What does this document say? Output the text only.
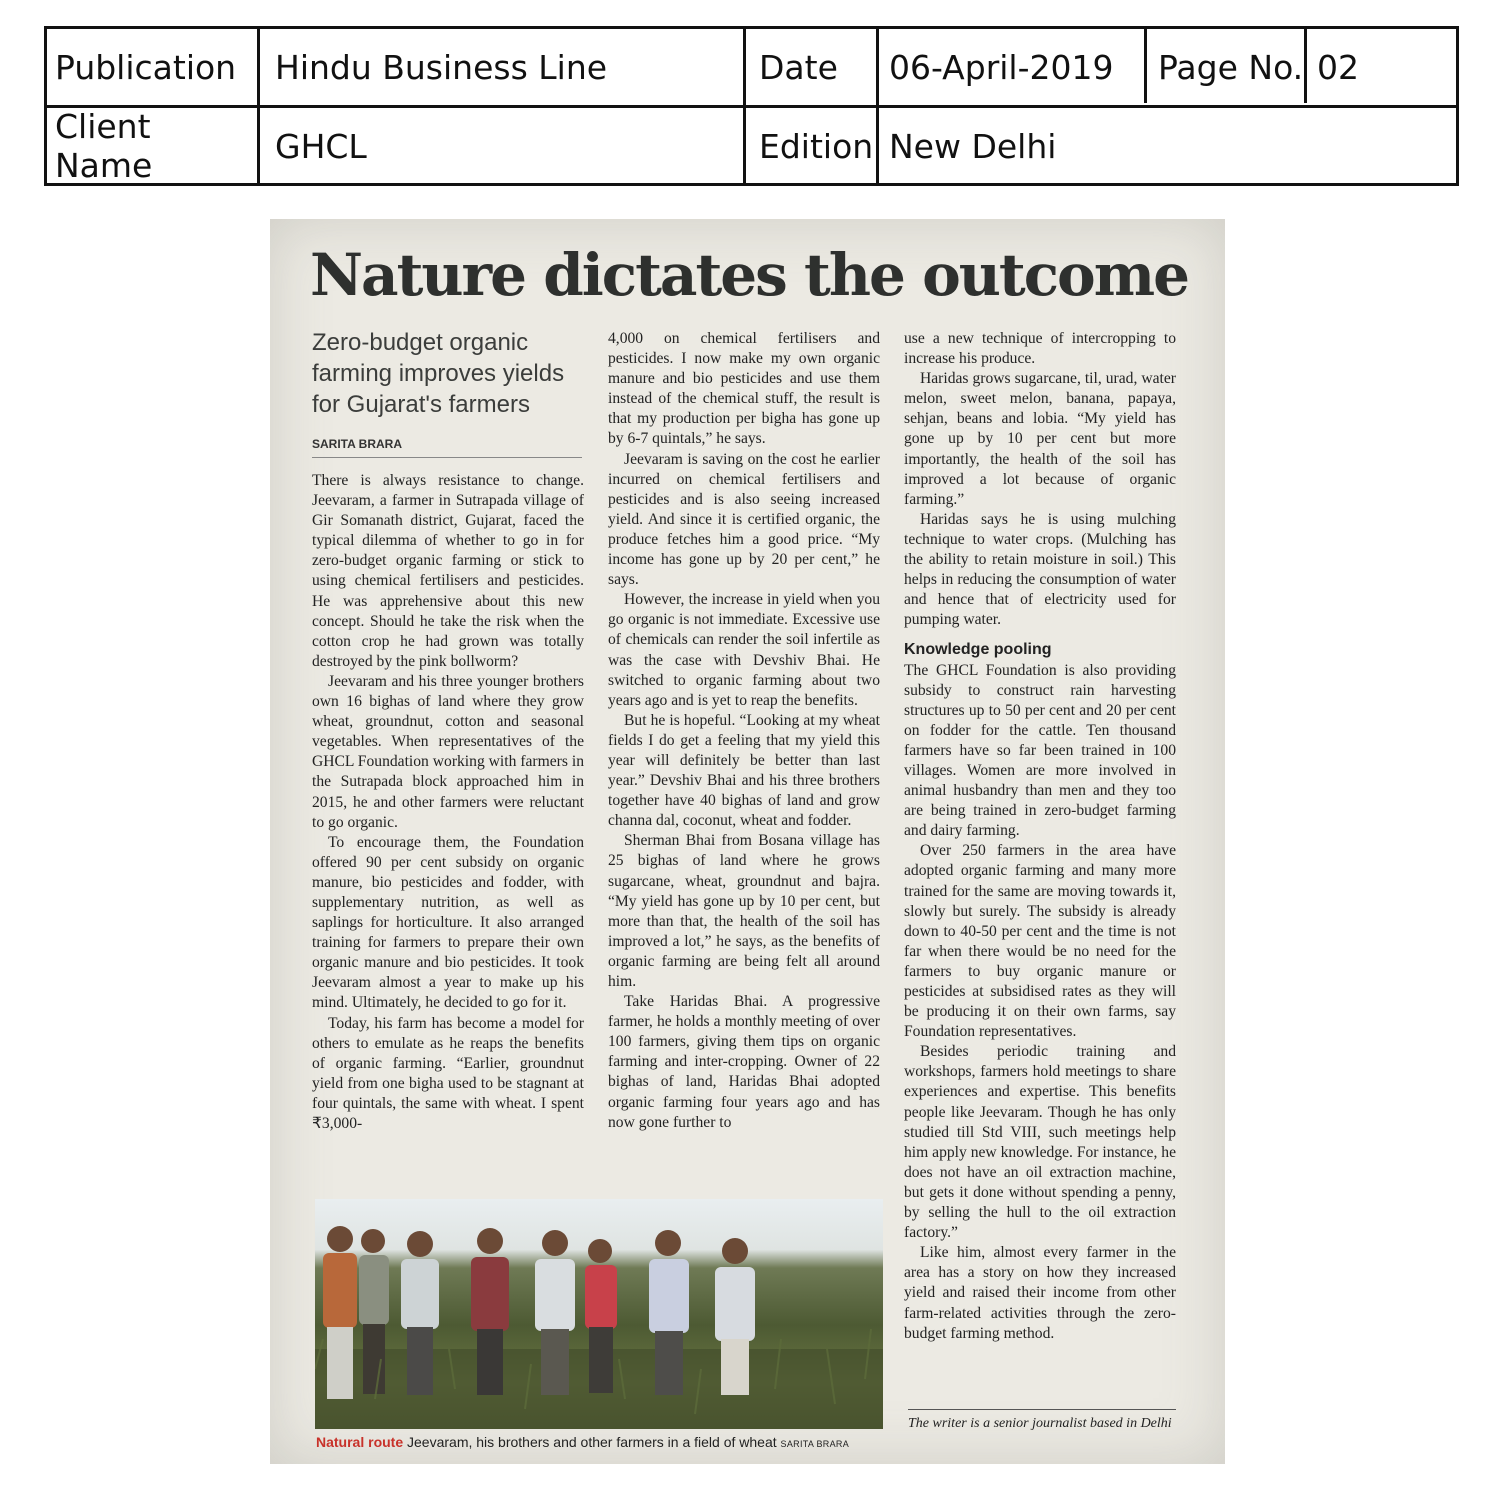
Publication	Hindu Business Line	Date	06-April-2019	Page No. 02
Client Name	GHCL	Edition New Delhi
Nature dictates the outcome
Zero-budget organic farming improves yields for Gujarat's farmers
SARITA BRARA

There is always resistance to change. Jeevaram, a farmer in Sutrapada village of Gir Somanath district, Gujarat, faced the typical dilemma of whether to go in for zero-budget organic farming or stick to using chemical fertilisers and pesticides. He was apprehensive about this new concept. Should he take the risk when the cotton crop he had grown was totally destroyed by the pink bollworm?

Jeevaram and his three younger brothers own 16 bighas of land where they grow wheat, groundnut, cotton and seasonal vegetables. When representatives of the GHCL Foundation working with farmers in the Sutrapada block approached him in 2015, he and other farmers were reluctant to go organic.

To encourage them, the Foundation offered 90 per cent subsidy on organic manure, bio pesticides and fodder, with supplementary nutrition, as well as saplings for horticulture. It also arranged training for farmers to prepare their own organic manure and bio pesticides. It took Jeevaram almost a year to make up his mind. Ultimately, he decided to go for it.

Today, his farm has become a model for others to emulate as he reaps the benefits of organic farming. “Earlier, groundnut yield from one bigha used to be stagnant at four quintals, the same with wheat. I spent ₹3,000-

4,000 on chemical fertilisers and pesticides. I now make my own organic manure and bio pesticides and use them instead of the chemical stuff, the result is that my production per bigha has gone up by 6-7 quintals,” he says.

Jeevaram is saving on the cost he earlier incurred on chemical fertilisers and pesticides and is also seeing increased yield. And since it is certified organic, the produce fetches him a good price. “My income has gone up by 20 per cent,” he says.

However, the increase in yield when you go organic is not immediate. Excessive use of chemicals can render the soil infertile as was the case with Devshiv Bhai. He switched to organic farming about two years ago and is yet to reap the benefits.

But he is hopeful. “Looking at my wheat fields I do get a feeling that my yield this year will definitely be better than last year.” Devshiv Bhai and his three brothers together have 40 bighas of land and grow channa dal, coconut, wheat and fodder.

Sherman Bhai from Bosana village has 25 bighas of land where he grows sugarcane, wheat, groundnut and bajra. “My yield has gone up by 10 per cent, but more than that, the health of the soil has improved a lot,” he says, as the benefits of organic farming are being felt all around him.

Take Haridas Bhai. A progressive farmer, he holds a monthly meeting of over 100 farmers, giving them tips on organic farming and inter-cropping. Owner of 22 bighas of land, Haridas Bhai adopted organic farming four years ago and has now gone further to

use a new technique of intercropping to increase his produce.

Haridas grows sugarcane, til, urad, water melon, sweet melon, banana, papaya, sehjan, beans and lobia. “My yield has gone up by 10 per cent but more importantly, the health of the soil has improved a lot because of organic farming.”

Haridas says he is using mulching technique to water crops. (Mulching has the ability to retain moisture in soil.) This helps in reducing the consumption of water and hence that of electricity used for pumping water.

Knowledge pooling

The GHCL Foundation is also providing subsidy to construct rain harvesting structures up to 50 per cent and 20 per cent on fodder for the cattle. Ten thousand farmers have so far been trained in 100 villages. Women are more involved in animal husbandry than men and they too are being trained in zero-budget farming and dairy farming.

Over 250 farmers in the area have adopted organic farming and many more trained for the same are moving towards it, slowly but surely. The subsidy is already down to 40-50 per cent and the time is not far when there would be no need for the farmers to buy organic manure or pesticides at subsidised rates as they will be producing it on their own farms, say Foundation representatives.

Besides periodic training and workshops, farmers hold meetings to share experiences and expertise. This benefits people like Jeevaram. Though he has only studied till Std VIII, such meetings help him apply new knowledge. For instance, he does not have an oil extraction machine, but gets it done without spending a penny, by selling the hull to the oil extraction factory.”

Like him, almost every farmer in the area has a story on how they increased yield and raised their income from other farm-related activities through the zero-budget farming method.

Natural route Jeevaram, his brothers and other farmers in a field of wheat SARITA BRARA
The writer is a senior journalist based in Delhi
